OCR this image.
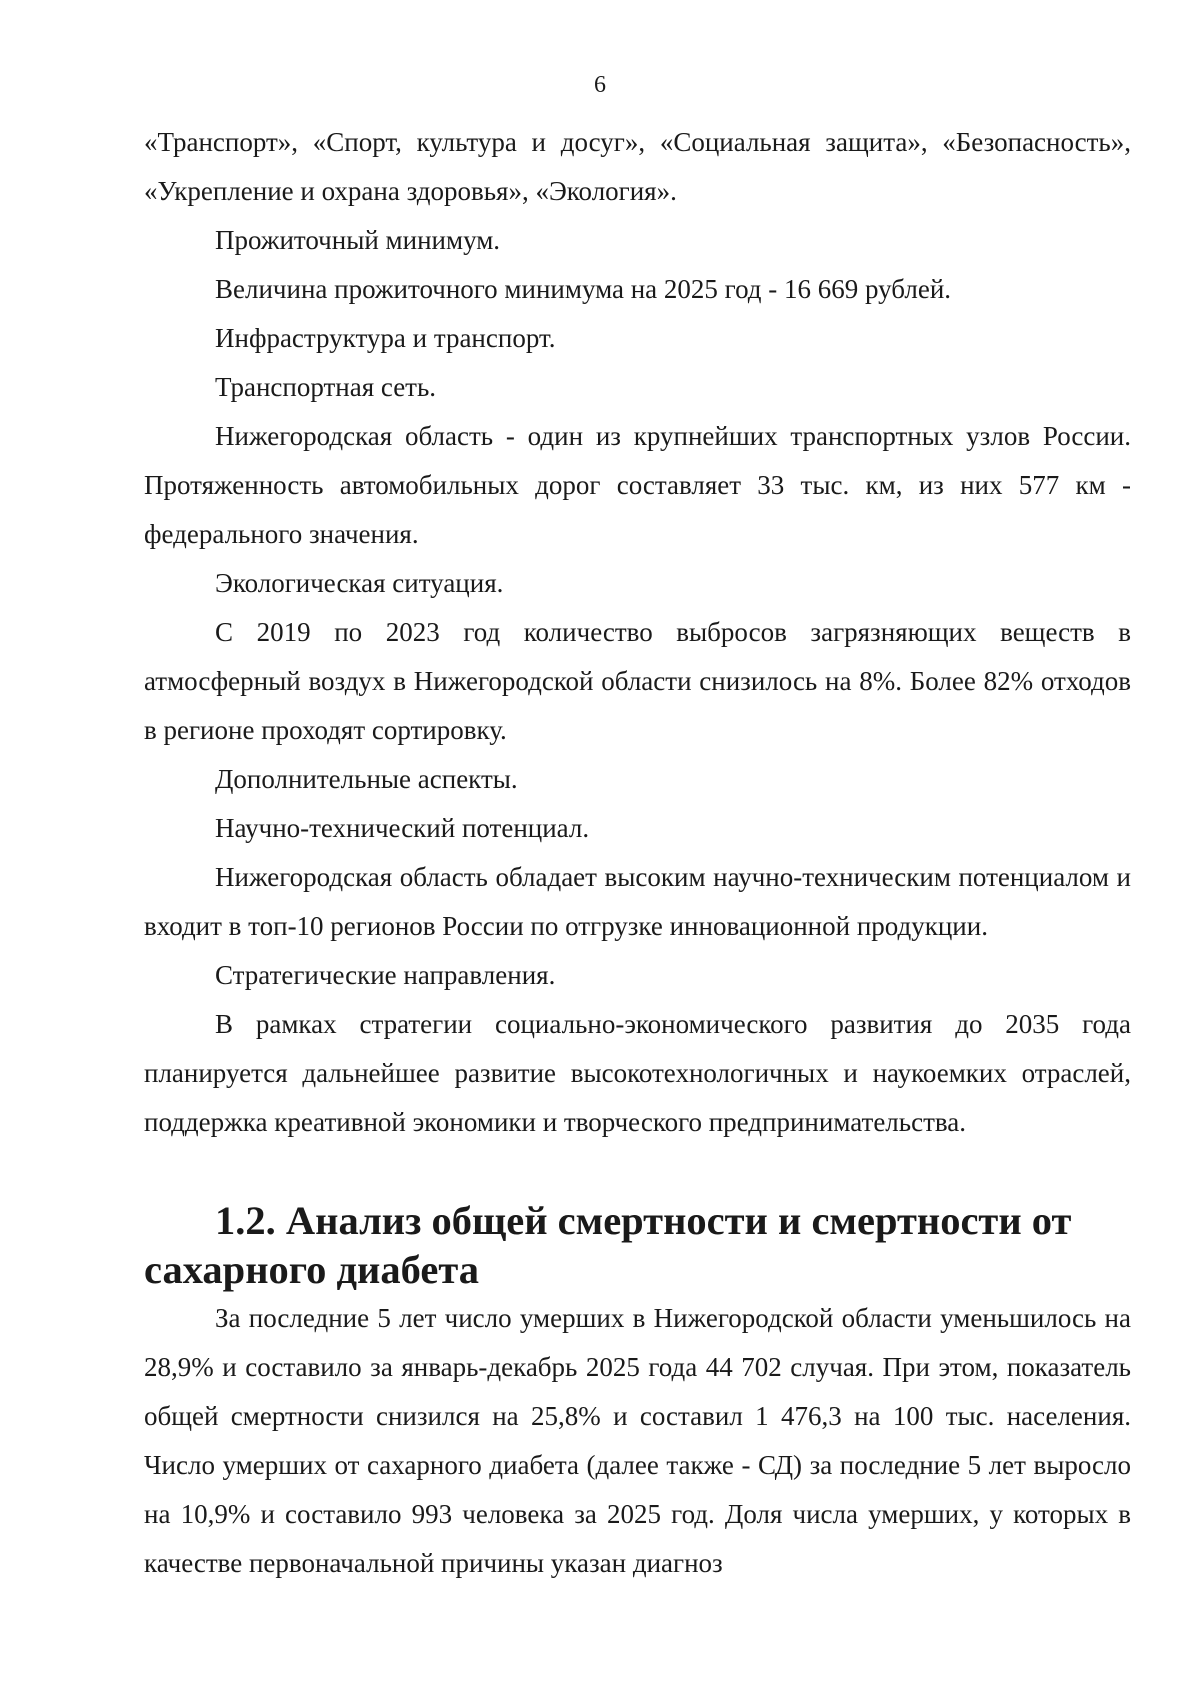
6

«Транспорт», «Спорт, культура и досуг», «Социальная защита», «Безопасность», «Укрепление и охрана здоровья», «Экология».

Прожиточный минимум.

Величина прожиточного минимума на 2025 год - 16 669 рублей.

Инфраструктура и транспорт.

Транспортная сеть.

Нижегородская область - один из крупнейших транспортных узлов России. Протяженность автомобильных дорог составляет 33 тыс. км, из них 577 км - федерального значения.

Экологическая ситуация.

С 2019 по 2023 год количество выбросов загрязняющих веществ в атмосферный воздух в Нижегородской области снизилось на 8%. Более 82% отходов в регионе проходят сортировку.

Дополнительные аспекты.

Научно-технический потенциал.

Нижегородская область обладает высоким научно-техническим потенциалом и входит в топ-10 регионов России по отгрузке инновационной продукции.

Стратегические направления.

В рамках стратегии социально-экономического развития до 2035 года планируется дальнейшее развитие высокотехнологичных и наукоемких отраслей, поддержка креативной экономики и творческого предпринимательства.

1.2. Анализ общей смертности и смертности от сахарного диабета

За последние 5 лет число умерших в Нижегородской области уменьшилось на 28,9% и составило за январь-декабрь 2025 года 44 702 случая. При этом, показатель общей смертности снизился на 25,8% и составил 1 476,3 на 100 тыс. населения. Число умерших от сахарного диабета (далее также - СД) за последние 5 лет выросло на 10,9% и составило 993 человека за 2025 год. Доля числа умерших, у которых в качестве первоначальной причины указан диагноз
